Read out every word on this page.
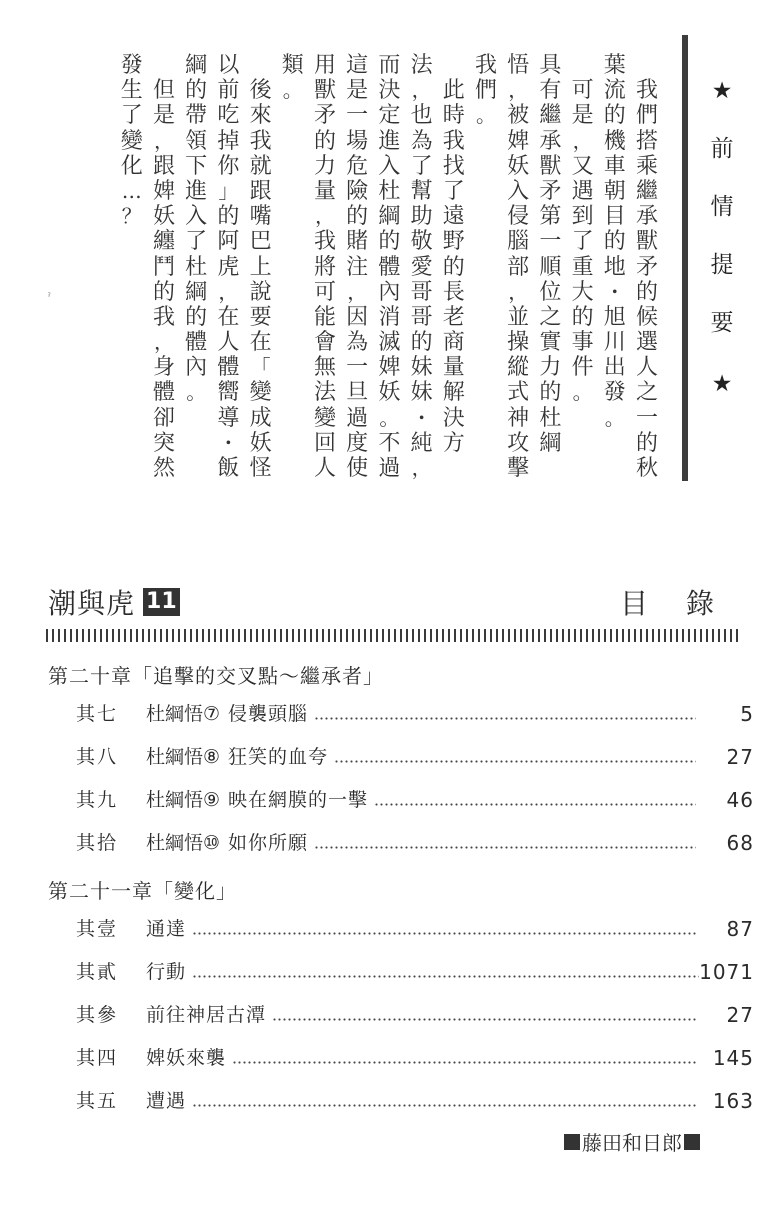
★
前
情
提
要
★
我
們
搭
乘
繼
承
獸
矛
的
候
選
人
之
一
的
秋
葉
流
的
機
車
朝
目
的
地
・
旭
川
出
發
。
可
是
，
又
遇
到
了
重
大
的
事
件
。
具
有
繼
承
獸
矛
第
一
順
位
之
實
力
的
杜
綱
悟
，
被
婢
妖
入
侵
腦
部
，
並
操
縱
式
神
攻
擊
我
們
。
此
時
我
找
了
遠
野
的
長
老
商
量
解
決
方
法
，
也
為
了
幫
助
敬
愛
哥
哥
的
妹
妹
・
純
，
而
決
定
進
入
杜
綱
的
體
內
消
滅
婢
妖
。
不
過
這
是
一
場
危
險
的
賭
注
，
因
為
一
旦
過
度
使
用
獸
矛
的
力
量
，
我
將
可
能
會
無
法
變
回
人
類
。
後
來
我
就
跟
嘴
巴
上
說
要
在
「
變
成
妖
怪
以
前
吃
掉
你
」
的
阿
虎
，
在
人
體
嚮
導
・
飯
綱
的
帶
領
下
進
入
了
杜
綱
的
體
內
。
但
是
，
跟
婢
妖
纏
鬥
的
我
，
身
體
卻
突
然
發
生
了
變
化
…
？
ˀ
潮與虎 11	目 錄
第二十章「追擊的交叉點〜繼承者」
其七	杜綱悟⑦ 侵襲頭腦	5
其八	杜綱悟⑧ 狂笑的血夸	27
其九	杜綱悟⑨ 映在網膜的一擊	46
其拾	杜綱悟⑩ 如你所願	68
第二十一章「變化」
其壹	通達	87
其貳	行動	1071
其參	前往神居古潭	27
其四	婢妖來襲	145
其五	遭遇	163
藤田和日郎
